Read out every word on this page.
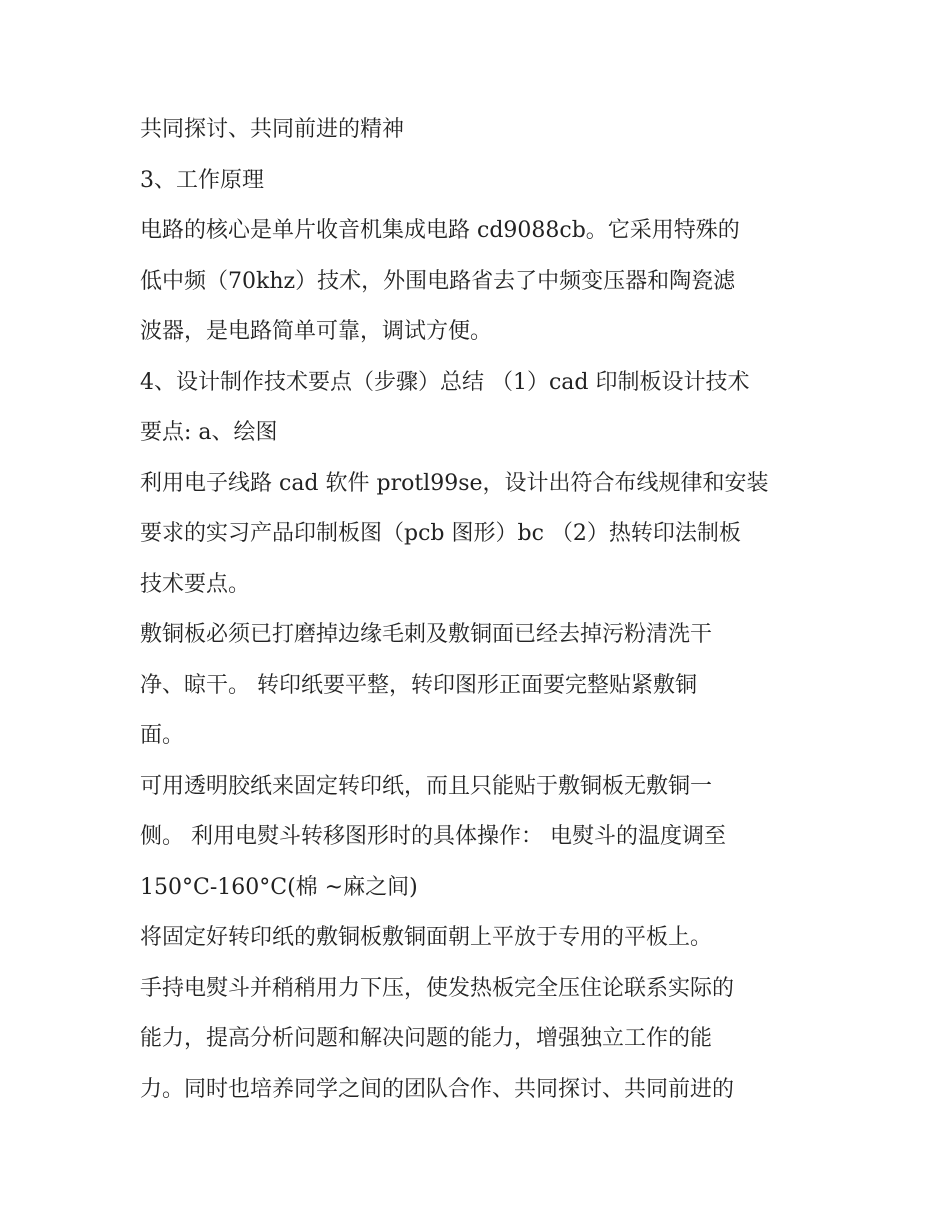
共同探讨、共同前进的精神
3、工作原理
电路的核心是单片收音机集成电路 cd9088cb。它采用特殊的
低中频（70khz）技术，外围电路省去了中频变压器和陶瓷滤
波器，是电路简单可靠，调试方便。
4、设计制作技术要点（步骤）总结 （1）cad 印制板设计技术
要点: a、绘图
利用电子线路 cad 软件 protl99se，设计出符合布线规律和安装
要求的实习产品印制板图（pcb 图形）bc （2）热转印法制板
技术要点。
敷铜板必须已打磨掉边缘毛刺及敷铜面已经去掉污粉清洗干
净、晾干。 转印纸要平整，转印图形正面要完整贴紧敷铜
面。
可用透明胶纸来固定转印纸，而且只能贴于敷铜板无敷铜一
侧。 利用电熨斗转移图形时的具体操作： 电熨斗的温度调至
150°C-160°C(棉 ~麻之间)
将固定好转印纸的敷铜板敷铜面朝上平放于专用的平板上。
手持电熨斗并稍稍用力下压，使发热板完全压住论联系实际的
能力，提高分析问题和解决问题的能力，增强独立工作的能
力。同时也培养同学之间的团队合作、共同探讨、共同前进的
